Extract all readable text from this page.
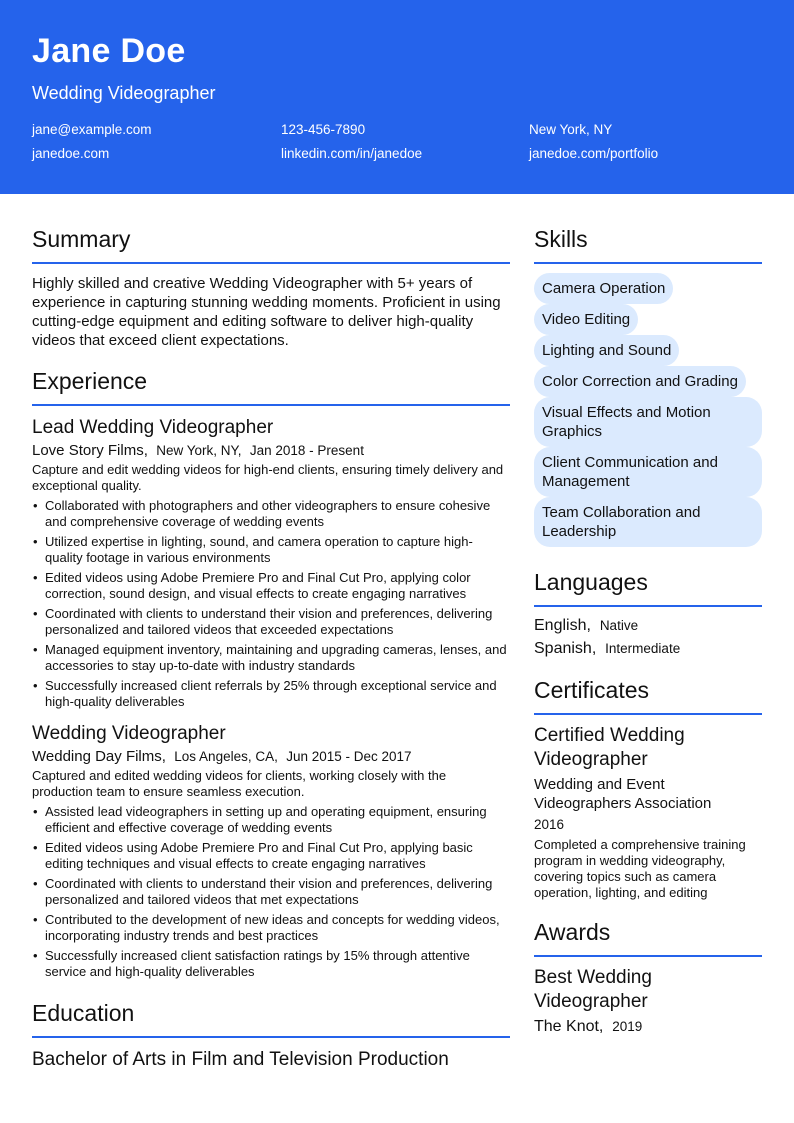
Jane Doe
Wedding Videographer
jane@example.com	123-456-7890	New York, NY
janedoe.com	linkedin.com/in/janedoe	janedoe.com/portfolio
Summary
Highly skilled and creative Wedding Videographer with 5+ years of experience in capturing stunning wedding moments. Proficient in using cutting-edge equipment and editing software to deliver high-quality videos that exceed client expectations.
Experience
Lead Wedding Videographer
Love Story Films, New York, NY, Jan 2018 - Present
Capture and edit wedding videos for high-end clients, ensuring timely delivery and exceptional quality.
• Collaborated with photographers and other videographers to ensure cohesive and comprehensive coverage of wedding events
• Utilized expertise in lighting, sound, and camera operation to capture high-quality footage in various environments
• Edited videos using Adobe Premiere Pro and Final Cut Pro, applying color correction, sound design, and visual effects to create engaging narratives
• Coordinated with clients to understand their vision and preferences, delivering personalized and tailored videos that exceeded expectations
• Managed equipment inventory, maintaining and upgrading cameras, lenses, and accessories to stay up-to-date with industry standards
• Successfully increased client referrals by 25% through exceptional service and high-quality deliverables
Wedding Videographer
Wedding Day Films, Los Angeles, CA, Jun 2015 - Dec 2017
Captured and edited wedding videos for clients, working closely with the production team to ensure seamless execution.
• Assisted lead videographers in setting up and operating equipment, ensuring efficient and effective coverage of wedding events
• Edited videos using Adobe Premiere Pro and Final Cut Pro, applying basic editing techniques and visual effects to create engaging narratives
• Coordinated with clients to understand their vision and preferences, delivering personalized and tailored videos that met expectations
• Contributed to the development of new ideas and concepts for wedding videos, incorporating industry trends and best practices
• Successfully increased client satisfaction ratings by 15% through attentive service and high-quality deliverables
Education
Bachelor of Arts in Film and Television Production
Skills
Camera Operation
Video Editing
Lighting and Sound
Color Correction and Grading
Visual Effects and Motion Graphics
Client Communication and Management
Team Collaboration and Leadership
Languages
English, Native
Spanish, Intermediate
Certificates
Certified Wedding Videographer
Wedding and Event Videographers Association
2016
Completed a comprehensive training program in wedding videography, covering topics such as camera operation, lighting, and editing
Awards
Best Wedding Videographer
The Knot, 2019
